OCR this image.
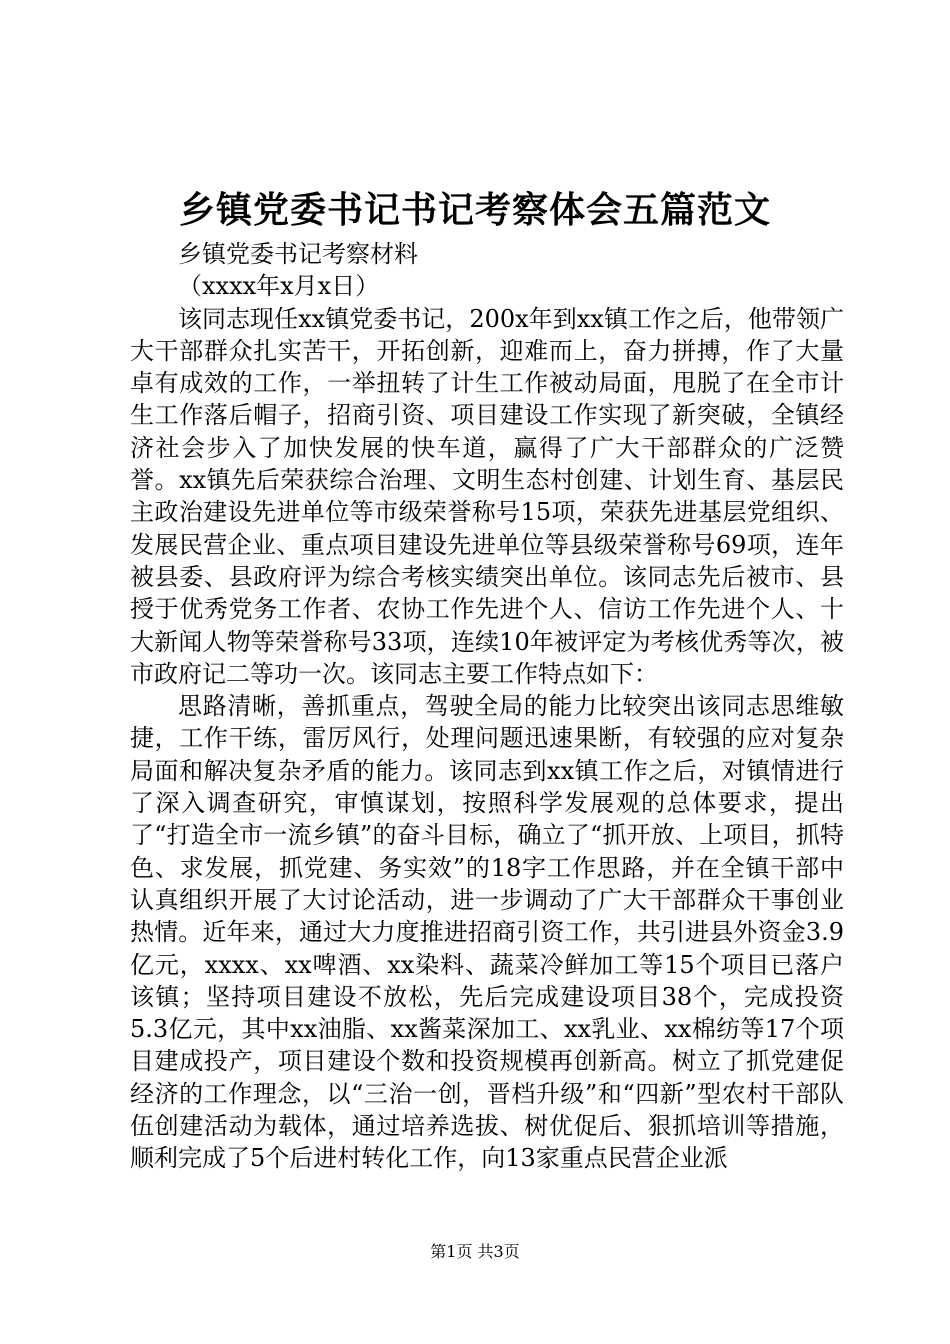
乡镇党委书记书记考察体会五篇范文

乡镇党委书记考察材料

（xxxx年x月x日）

该同志现任xx镇党委书记，200x年到xx镇工作之后，他带领广大干部群众扎实苦干，开拓创新，迎难而上，奋力拼搏，作了大量卓有成效的工作，一举扭转了计生工作被动局面，甩脱了在全市计生工作落后帽子，招商引资、项目建设工作实现了新突破，全镇经济社会步入了加快发展的快车道，赢得了广大干部群众的广泛赞誉。xx镇先后荣获综合治理、文明生态村创建、计划生育、基层民主政治建设先进单位等市级荣誉称号15项，荣获先进基层党组织、发展民营企业、重点项目建设先进单位等县级荣誉称号69项，连年被县委、县政府评为综合考核实绩突出单位。该同志先后被市、县授于优秀党务工作者、农协工作先进个人、信访工作先进个人、十大新闻人物等荣誉称号33项，连续10年被评定为考核优秀等次，被市政府记二等功一次。该同志主要工作特点如下：

思路清晰，善抓重点，驾驶全局的能力比较突出该同志思维敏捷，工作干练，雷厉风行，处理问题迅速果断，有较强的应对复杂局面和解决复杂矛盾的能力。该同志到xx镇工作之后，对镇情进行了深入调查研究，审慎谋划，按照科学发展观的总体要求，提出了“打造全市一流乡镇”的奋斗目标，确立了“抓开放、上项目，抓特色、求发展，抓党建、务实效”的18字工作思路，并在全镇干部中认真组织开展了大讨论活动，进一步调动了广大干部群众干事创业热情。近年来，通过大力度推进招商引资工作，共引进县外资金3.9亿元，xxxx、xx啤酒、xx染料、蔬菜冷鲜加工等15个项目已落户该镇；坚持项目建设不放松，先后完成建设项目38个，完成投资5.3亿元，其中xx油脂、xx酱菜深加工、xx乳业、xx棉纺等17个项目建成投产，项目建设个数和投资规模再创新高。树立了抓党建促经济的工作理念，以“三治一创，晋档升级”和“四新”型农村干部队伍创建活动为载体，通过培养选拔、树优促后、狠抓培训等措施，顺利完成了5个后进村转化工作，向13家重点民营企业派

第1页 共3页
